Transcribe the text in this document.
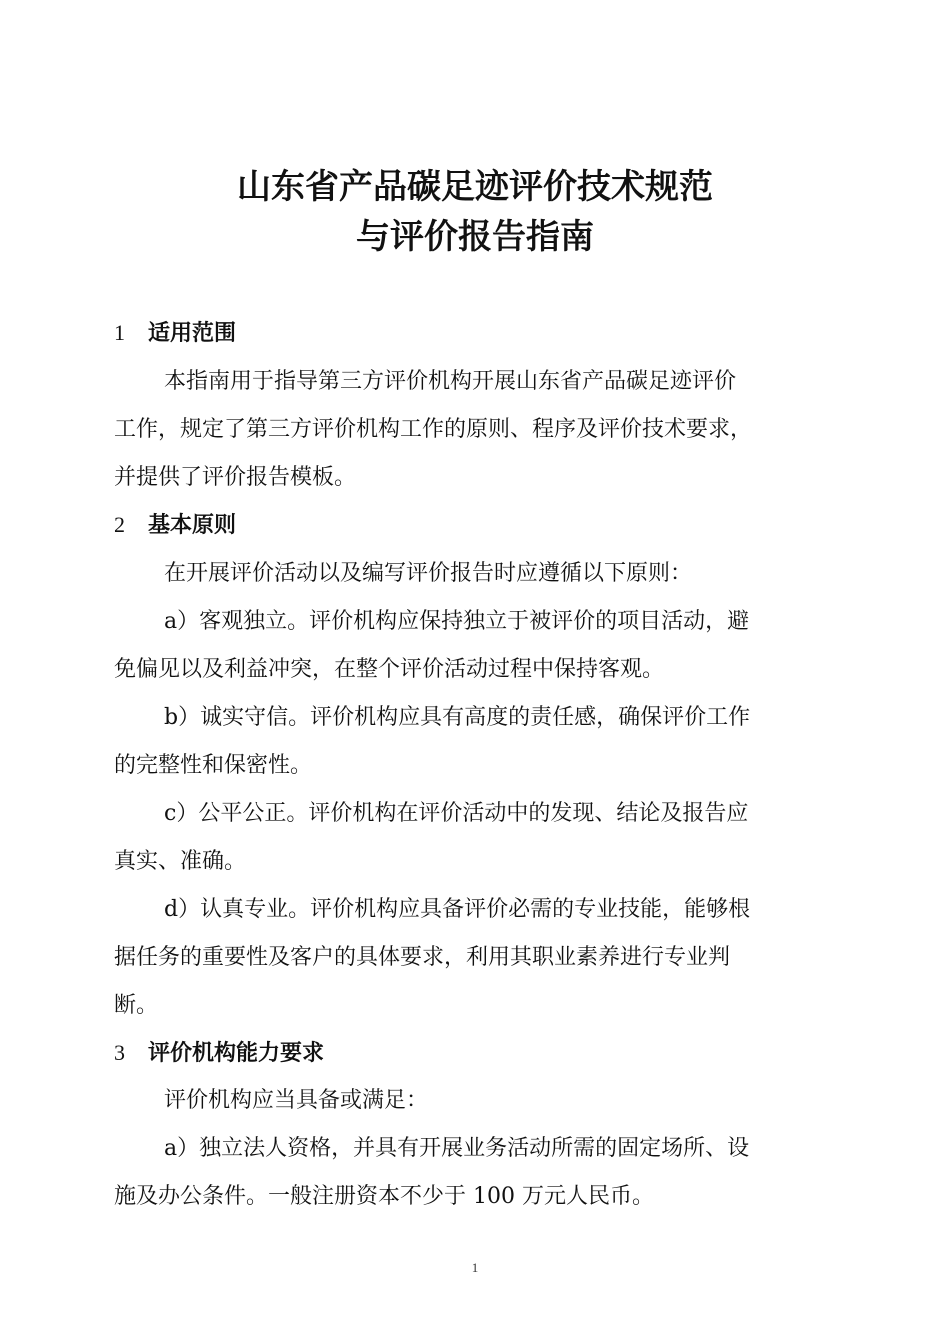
山东省产品碳足迹评价技术规范
与评价报告指南
1 适用范围
本指南用于指导第三方评价机构开展山东省产品碳足迹评价
工作，规定了第三方评价机构工作的原则、程序及评价技术要求，
并提供了评价报告模板。
2 基本原则
在开展评价活动以及编写评价报告时应遵循以下原则：
a）客观独立。评价机构应保持独立于被评价的项目活动，避
免偏见以及利益冲突，在整个评价活动过程中保持客观。
b）诚实守信。评价机构应具有高度的责任感，确保评价工作
的完整性和保密性。
c）公平公正。评价机构在评价活动中的发现、结论及报告应
真实、准确。
d）认真专业。评价机构应具备评价必需的专业技能，能够根
据任务的重要性及客户的具体要求，利用其职业素养进行专业判
断。
3 评价机构能力要求
评价机构应当具备或满足：
a）独立法人资格，并具有开展业务活动所需的固定场所、设
施及办公条件。一般注册资本不少于 100 万元人民币。
1
